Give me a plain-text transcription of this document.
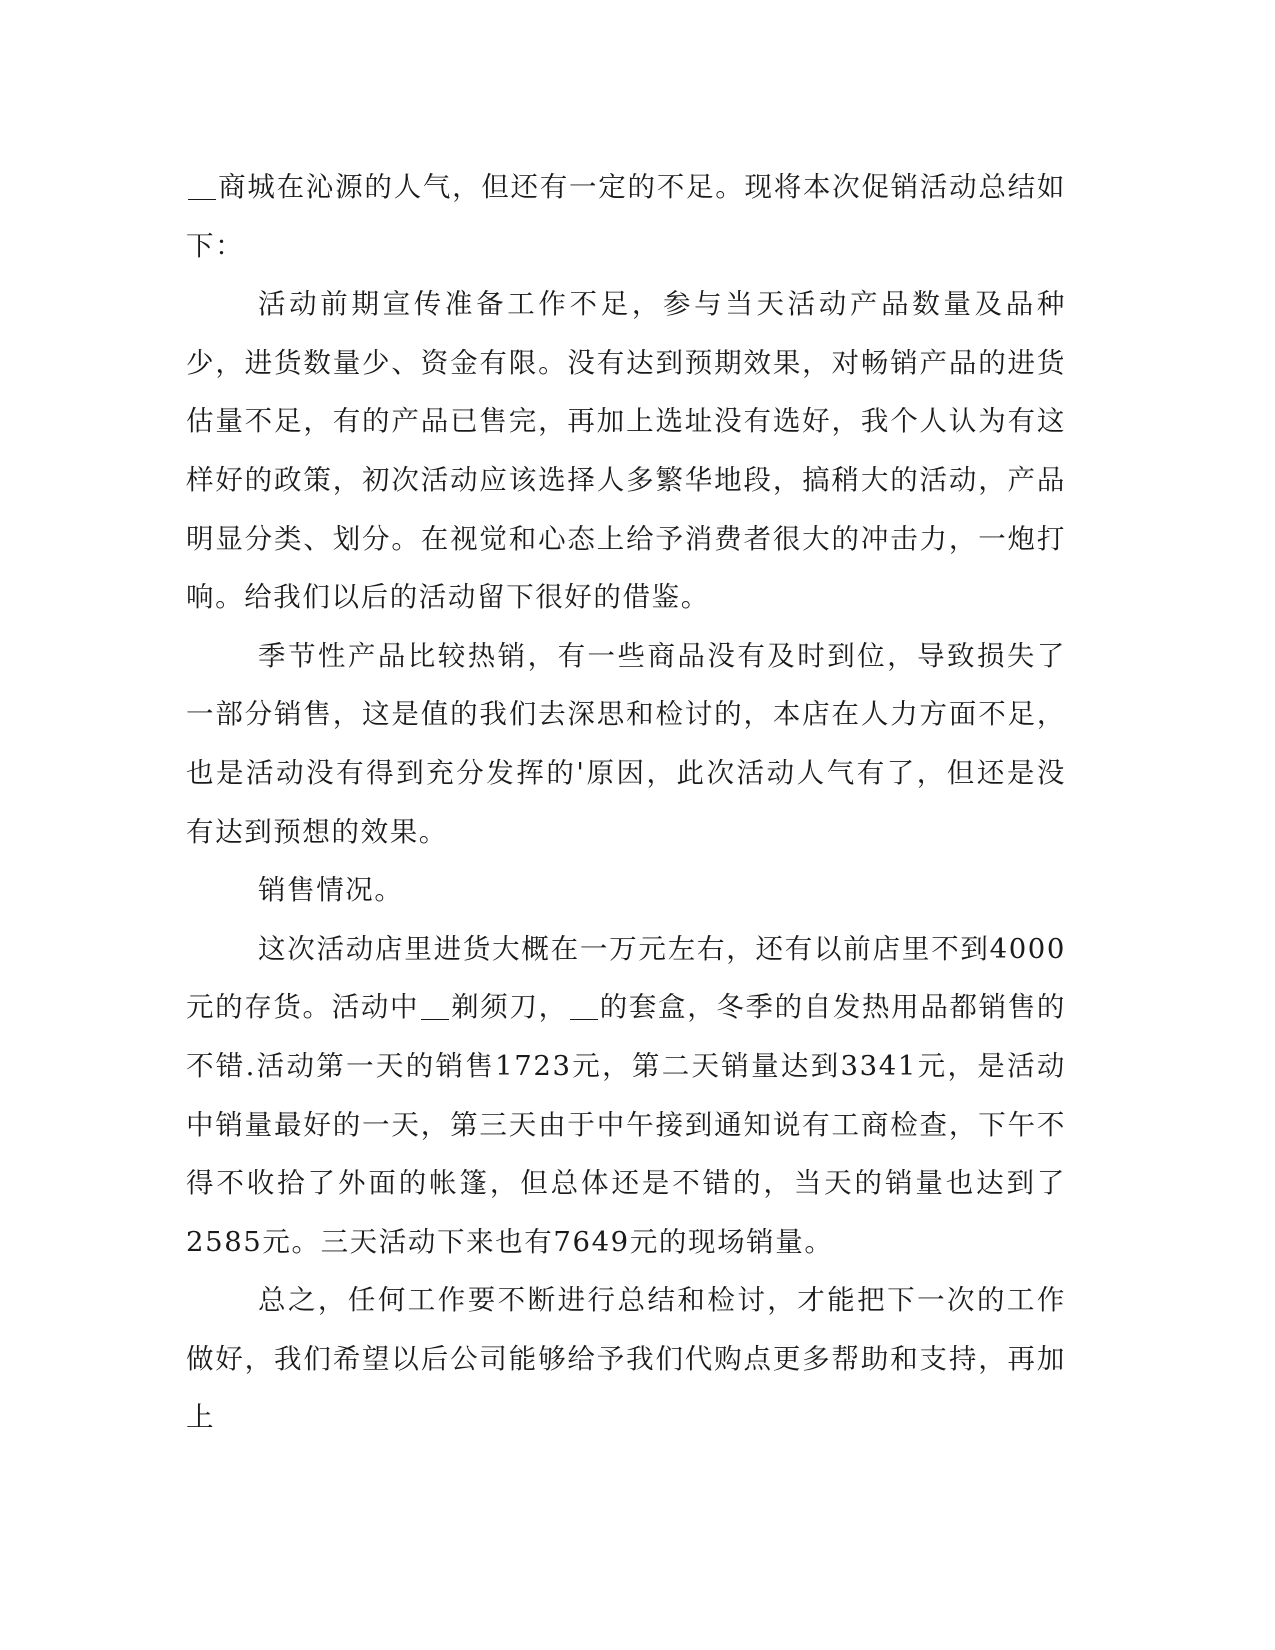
商城在沁源的人气，但还有一定的不足。现将本次促销活动总结如下：

活动前期宣传准备工作不足，参与当天活动产品数量及品种少，进货数量少、资金有限。没有达到预期效果，对畅销产品的进货估量不足，有的产品已售完，再加上选址没有选好，我个人认为有这样好的政策，初次活动应该选择人多繁华地段，搞稍大的活动，产品明显分类、划分。在视觉和心态上给予消费者很大的冲击力，一炮打响。给我们以后的活动留下很好的借鉴。

季节性产品比较热销，有一些商品没有及时到位，导致损失了一部分销售，这是值的我们去深思和检讨的，本店在人力方面不足，也是活动没有得到充分发挥的'原因，此次活动人气有了，但还是没有达到预想的效果。

销售情况。

这次活动店里进货大概在一万元左右，还有以前店里不到4000元的存货。活动中 剃须刀， 的套盒，冬季的自发热用品都销售的不错.活动第一天的销售1723元，第二天销量达到3341元，是活动中销量最好的一天，第三天由于中午接到通知说有工商检查，下午不得不收拾了外面的帐篷，但总体还是不错的，当天的销量也达到了2585元。三天活动下来也有7649元的现场销量。

总之，任何工作要不断进行总结和检讨，才能把下一次的工作做好，我们希望以后公司能够给予我们代购点更多帮助和支持，再加上
